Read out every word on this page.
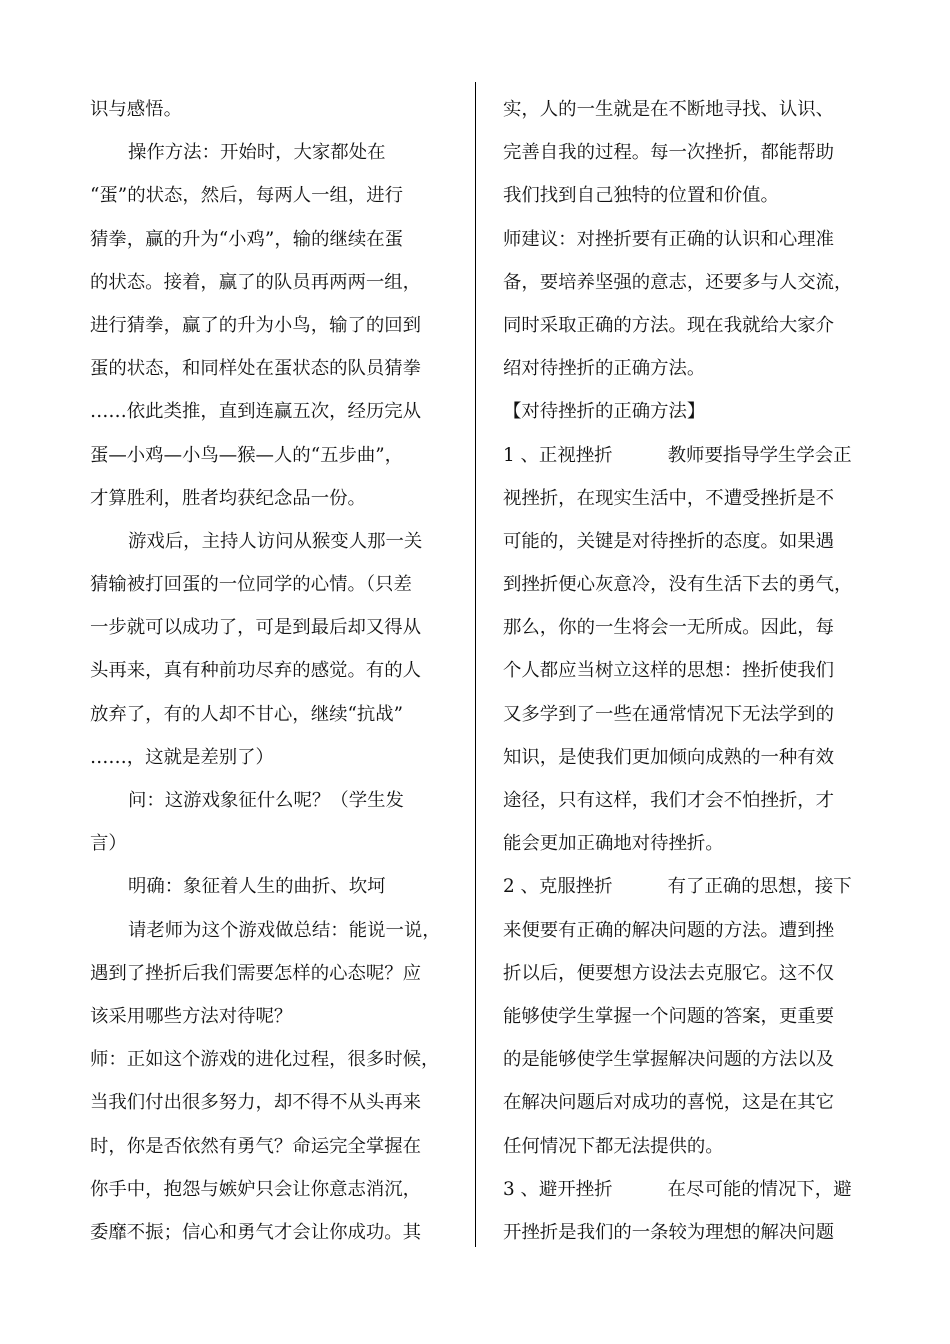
识与感悟。
操作方法：开始时，大家都处在
“蛋”的状态，然后，每两人一组，进行
猜拳，赢的升为“小鸡”，输的继续在蛋
的状态。接着，赢了的队员再两两一组，
进行猜拳，赢了的升为小鸟，输了的回到
蛋的状态，和同样处在蛋状态的队员猜拳
……依此类推，直到连赢五次，经历完从
蛋—小鸡—小鸟—猴—人的“五步曲”，
才算胜利，胜者均获纪念品一份。
游戏后，主持人访问从猴变人那一关
猜输被打回蛋的一位同学的心情。（只差
一步就可以成功了，可是到最后却又得从
头再来，真有种前功尽弃的感觉。有的人
放弃了，有的人却不甘心，继续“抗战”
……，这就是差别了）
问：这游戏象征什么呢？（学生发
言）
明确：象征着人生的曲折、坎坷
请老师为这个游戏做总结：能说一说，
遇到了挫折后我们需要怎样的心态呢？应
该采用哪些方法对待呢？
师：正如这个游戏的进化过程，很多时候，
当我们付出很多努力，却不得不从头再来
时，你是否依然有勇气？命运完全掌握在
你手中，抱怨与嫉妒只会让你意志消沉，
委靡不振；信心和勇气才会让你成功。其
实，人的一生就是在不断地寻找、认识、
完善自我的过程。每一次挫折，都能帮助
我们找到自己独特的位置和价值。
师建议：对挫折要有正确的认识和心理准
备，要培养坚强的意志，还要多与人交流，
同时采取正确的方法。现在我就给大家介
绍对待挫折的正确方法。
【对待挫折的正确方法】
1 、正视挫折　　　教师要指导学生学会正
视挫折，在现实生活中，不遭受挫折是不
可能的，关键是对待挫折的态度。如果遇
到挫折便心灰意冷，没有生活下去的勇气，
那么，你的一生将会一无所成。因此，每
个人都应当树立这样的思想：挫折使我们
又多学到了一些在通常情况下无法学到的
知识，是使我们更加倾向成熟的一种有效
途径，只有这样，我们才会不怕挫折，才
能会更加正确地对待挫折。
2 、克服挫折　　　有了正确的思想，接下
来便要有正确的解决问题的方法。遭到挫
折以后，便要想方设法去克服它。这不仅
能够使学生掌握一个问题的答案，更重要
的是能够使学生掌握解决问题的方法以及
在解决问题后对成功的喜悦，这是在其它
任何情况下都无法提供的。
3 、避开挫折　　　在尽可能的情况下，避
开挫折是我们的一条较为理想的解决问题
